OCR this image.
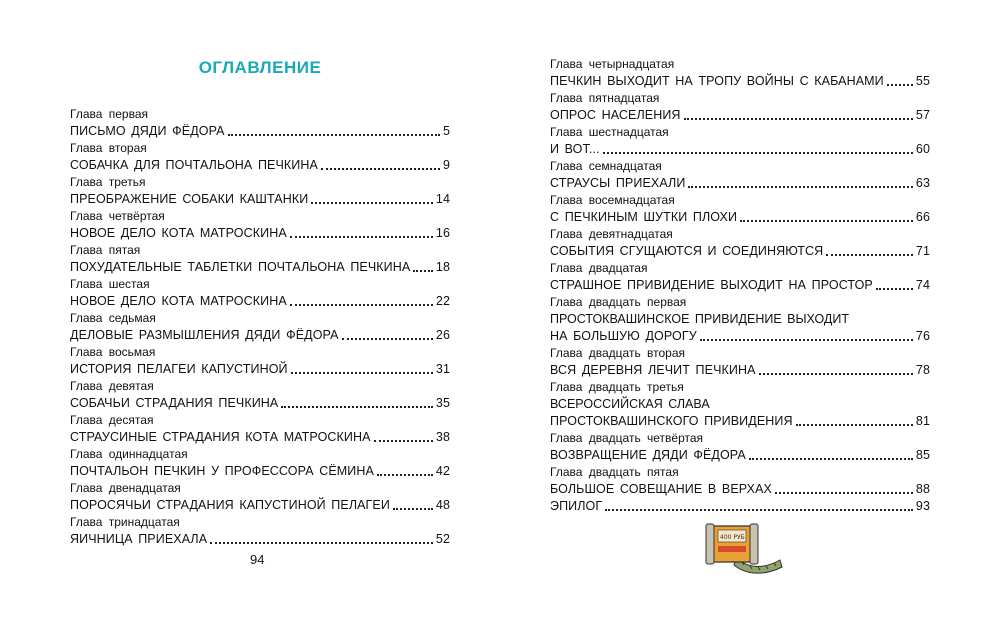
ОГЛАВЛЕНИЕ
Глава первая
ПИСЬМО ДЯДИ ФЁДОРА	5
Глава вторая
СОБАЧКА ДЛЯ ПОЧТАЛЬОНА ПЕЧКИНА	9
Глава третья
ПРЕОБРАЖЕНИЕ СОБАКИ КАШТАНКИ	14
Глава четвёртая
НОВОЕ ДЕЛО КОТА МАТРОСКИНА	16
Глава пятая
ПОХУДАТЕЛЬНЫЕ ТАБЛЕТКИ ПОЧТАЛЬОНА ПЕЧКИНА 18
Глава шестая
НОВОЕ ДЕЛО КОТА МАТРОСКИНА	22
Глава седьмая
ДЕЛОВЫЕ РАЗМЫШЛЕНИЯ ДЯДИ ФЁДОРА	26
Глава восьмая
ИСТОРИЯ ПЕЛАГЕИ КАПУСТИНОЙ	31
Глава девятая
СОБАЧЬИ СТРАДАНИЯ ПЕЧКИНА	35
Глава десятая
СТРАУСИНЫЕ СТРАДАНИЯ КОТА МАТРОСКИНА	38
Глава одиннадцатая
ПОЧТАЛЬОН ПЕЧКИН У ПРОФЕССОРА СЁМИНА	42
Глава двенадцатая
ПОРОСЯЧЬИ СТРАДАНИЯ КАПУСТИНОЙ ПЕЛАГЕИ	48
Глава тринадцатая
ЯИЧНИЦА ПРИЕХАЛА	52
Глава четырнадцатая
ПЕЧКИН ВЫХОДИТ НА ТРОПУ ВОЙНЫ С КАБАНАМИ	55
Глава пятнадцатая
ОПРОС НАСЕЛЕНИЯ	57
Глава шестнадцатая
И ВОТ...	60
Глава семнадцатая
СТРАУСЫ ПРИЕХАЛИ	63
Глава восемнадцатая
С ПЕЧКИНЫМ ШУТКИ ПЛОХИ	66
Глава девятнадцатая
СОБЫТИЯ СГУЩАЮТСЯ И СОЕДИНЯЮТСЯ	71
Глава двадцатая
СТРАШНОЕ ПРИВИДЕНИЕ ВЫХОДИТ НА ПРОСТОР	74
Глава двадцать первая
ПРОСТОКВАШИНСКОЕ ПРИВИДЕНИЕ ВЫХОДИТ
НА БОЛЬШУЮ ДОРОГУ	76
Глава двадцать вторая
ВСЯ ДЕРЕВНЯ ЛЕЧИТ ПЕЧКИНА	78
Глава двадцать третья
ВСЕРОССИЙСКАЯ СЛАВА
ПРОСТОКВАШИНСКОГО ПРИВИДЕНИЯ	81
Глава двадцать четвёртая
ВОЗВРАЩЕНИЕ ДЯДИ ФЁДОРА	85
Глава двадцать пятая
БОЛЬШОЕ СОВЕЩАНИЕ В ВЕРХАХ	88
ЭПИЛОГ	93
94
400 РУБ
